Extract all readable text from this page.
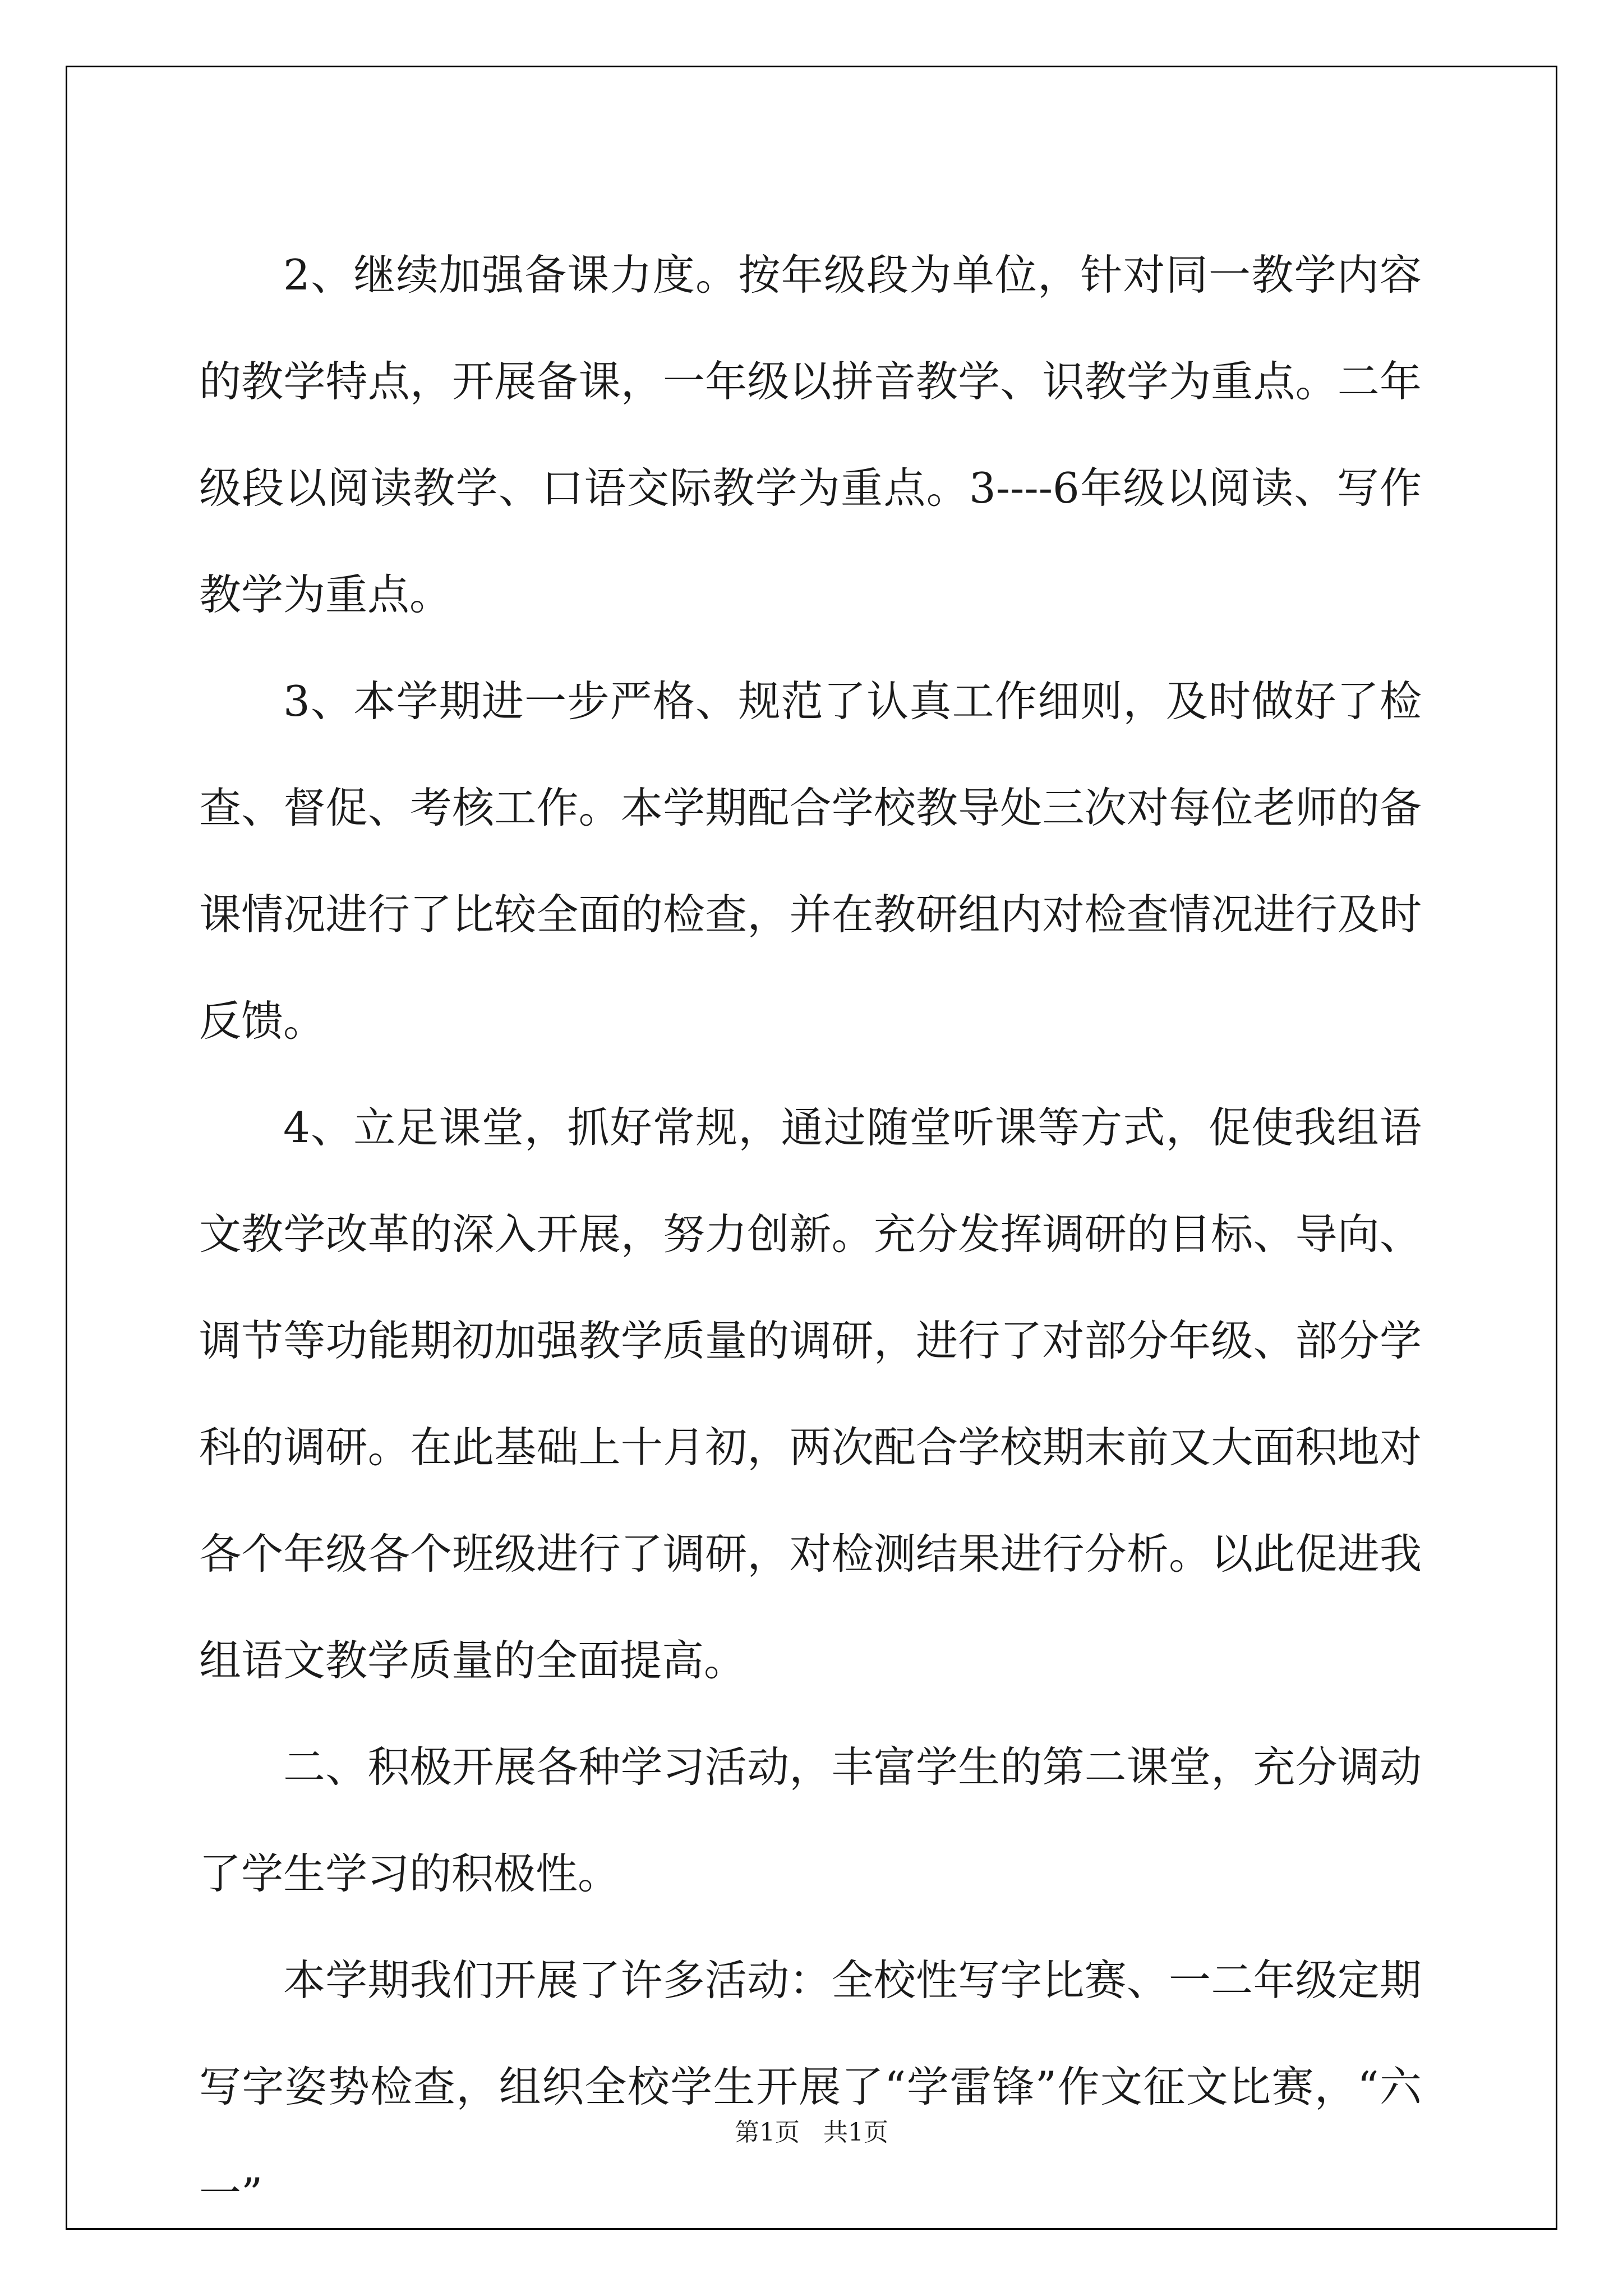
2、继续加强备课力度。按年级段为单位，针对同一教学内容的教学特点，开展备课，一年级以拼音教学、识教学为重点。二年级段以阅读教学、口语交际教学为重点。3----6年级以阅读、写作教学为重点。

3、本学期进一步严格、规范了认真工作细则，及时做好了检查、督促、考核工作。本学期配合学校教导处三次对每位老师的备课情况进行了比较全面的检查，并在教研组内对检查情况进行及时反馈。

4、立足课堂，抓好常规，通过随堂听课等方式，促使我组语文教学改革的深入开展，努力创新。充分发挥调研的目标、导向、调节等功能期初加强教学质量的调研，进行了对部分年级、部分学科的调研。在此基础上十月初，两次配合学校期末前又大面积地对各个年级各个班级进行了调研，对检测结果进行分析。以此促进我组语文教学质量的全面提高。

二、积极开展各种学习活动，丰富学生的第二课堂，充分调动了学生学习的积极性。

本学期我们开展了许多活动：全校性写字比赛、一二年级定期写字姿势检查，组织全校学生开展了“学雷锋”作文征文比赛，“六一”

第1页   共1页
